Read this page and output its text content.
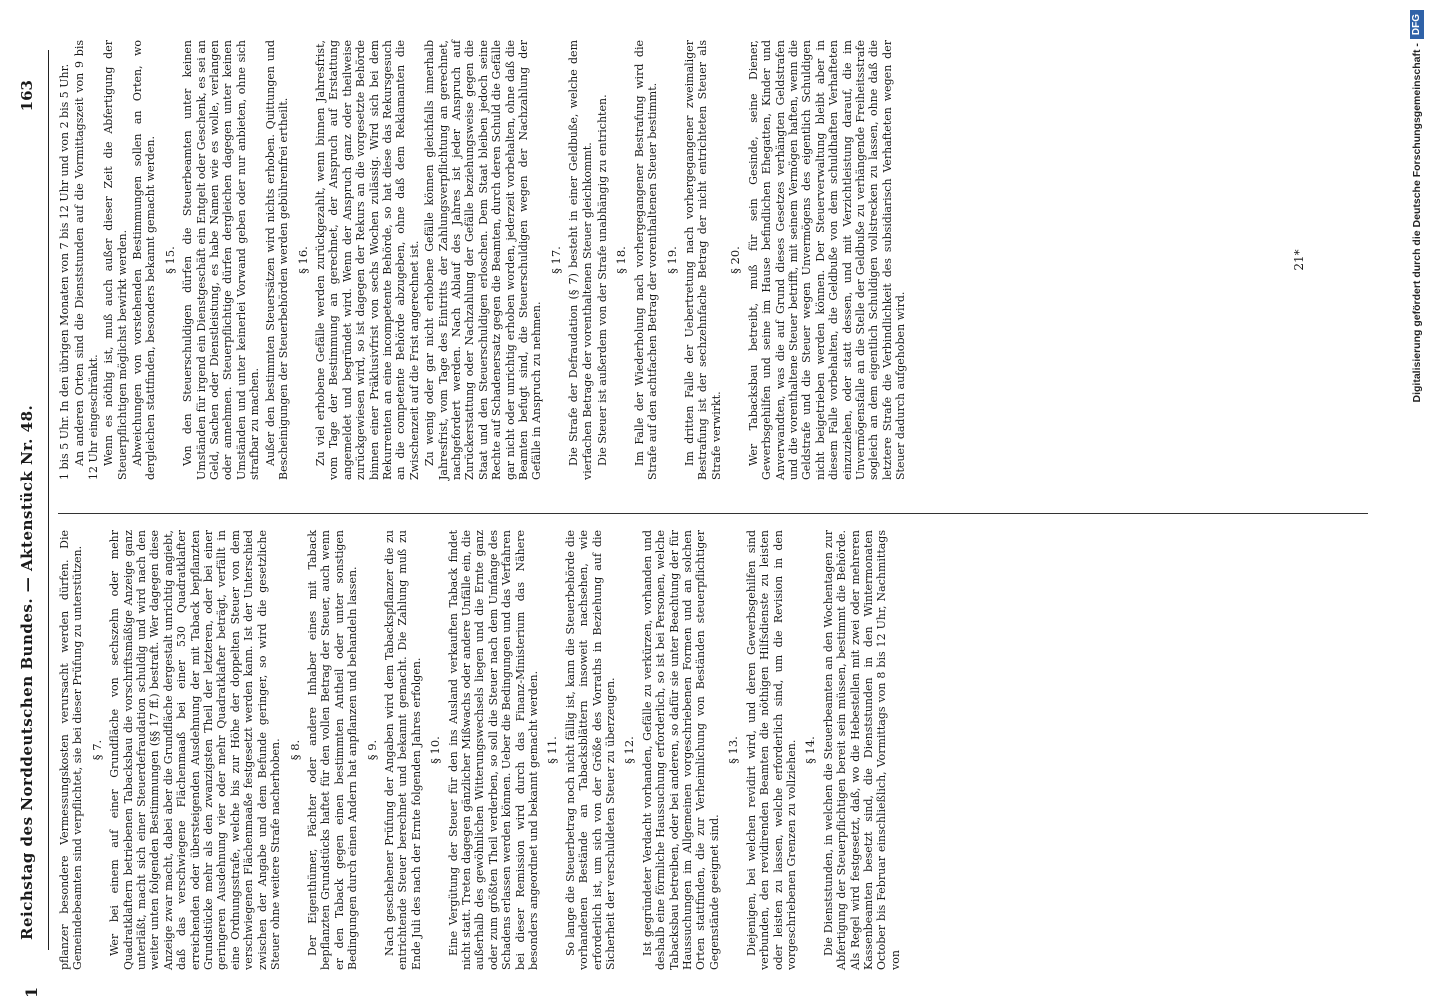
Reichstag des Norddeutschen Bundes. — Aktenstück Nr. 48.
163
1

pflanzer besondere Vermessungskosten verursacht werden dürfen. Die Gemeindebeamten sind verpflichtet, sie bei dieser Prüfung zu unterstützen. § 7. Wer bei einem auf einer Grundfläche von sechszehn oder mehr Quadratklaftern betriebenen Tabacksbau die vorschriftsmäßige Anzeige ganz unterläßt, macht sich einer Steuerdefraudation schuldig und wird nach den weiter unten folgenden Bestimmungen (§§ 17 ff.) bestraft. Wer dagegen diese Anzeige zwar macht, dabei aber die Grundfläche dergestalt unrichtig angiebt, daß das verschwiegene Flächenmaaß bei einer 530 Quadratklafter erreichenden oder übersteigenden Ausdehnung der mit Taback bepflanzten Grundstücke mehr als den zwanzigsten Theil der letzteren, oder bei einer geringeren Ausdehnung vier oder mehr Quadratklafter beträgt, verfällt in eine Ordnungsstrafe, welche bis zur Höhe der doppelten Steuer von dem verschwiegenen Flächenmaaße festgesetzt werden kann. Ist der Unterschied zwischen der Angabe und dem Befunde geringer, so wird die gesetzliche Steuer ohne weitere Strafe nacherhoben. § 8. Der Eigenthümer, Pächter oder andere Inhaber eines mit Taback bepflanzten Grundstücks haftet für den vollen Betrag der Steuer, auch wenn er den Taback gegen einen bestimmten Antheil oder unter sonstigen Bedingungen durch einen Andern hat anpflanzen und behandeln lassen. § 9. Nach geschehener Prüfung der Angaben wird dem Tabackspflanzer die zu entrichtende Steuer berechnet und bekannt gemacht. Die Zahlung muß zu Ende Juli des nach der Ernte folgenden Jahres erfolgen. § 10. Eine Vergütung der Steuer für den ins Ausland verkauften Taback findet nicht statt. Treten dagegen gänzlicher Mißwachs oder andere Unfälle ein, die außerhalb des gewöhnlichen Witterungswechsels liegen und die Ernte ganz oder zum größten Theil verderben, so soll die Steuer nach dem Umfange des Schadens erlassen werden können. Ueber die Bedingungen und das Verfahren bei dieser Remission wird durch das Finanz-Ministerium das Nähere besonders angeordnet und bekannt gemacht werden. § 11. So lange die Steuerbetrag noch nicht fällig ist, kann die Steuerbehörde die vorhandenen Bestände an Tabacksblättern insoweit nachsehen, wie erforderlich ist, um sich von der Größe des Vorraths in Beziehung auf die Sicherheit der verschuldeten Steuer zu überzeugen. § 12. Ist gegründeter Verdacht vorhanden, Gefälle zu verkürzen, vorhanden und deshalb eine förmliche Haussuchung erforderlich, so ist bei Personen, welche Tabacksbau betreiben, oder bei anderen, so dafür sie unter Beachtung der für Haussuchungen im Allgemeinen vorgeschriebenen Formen und an solchen Orten stattfinden, die zur Verheimlichung von Beständen steuerpflichtiger Gegenstände geeignet sind.

§ 13. Diejenigen, bei welchen revidirt wird, und deren Gewerbsgehilfen sind verbunden, den revidirenden Beamten die nöthigen Hilfsdienste zu leisten oder leisten zu lassen, welche erforderlich sind, um die Revision in den vorgeschriebenen Grenzen zu vollziehen. § 14. Die Dienststunden, in welchen die Steuerbeamten an den Wochentagen zur Abfertigung der Steuerpflichtigen bereit sein müssen, bestimmt die Behörde. Als Regel wird festgesetzt, daß, wo die Hebestellen mit zwei oder mehreren Kassenbeamten besetzt sind, die Dienststunden in den Wintermonaten October bis Februar einschließlich, Vormittags von 8 bis 12 Uhr, Nachmittags von

1 bis 5 Uhr. In den übrigen Monaten von 7 bis 12 Uhr und von 2 bis 5 Uhr. An anderen Orten sind die Dienststunden auf die Vormittagszeit von 9 bis 12 Uhr eingeschränkt. Wenn es nöthig ist, muß auch außer dieser Zeit die Abfertigung der Steuerpflichtigen möglichst bewirkt werden. Abweichungen von vorstehenden Bestimmungen sollen an Orten, wo dergleichen stattfinden, besonders bekannt gemacht werden. § 15. Von den Steuerschuldigen dürfen die Steuerbeamten unter keinen Umständen für irgend ein Dienstgeschäft ein Entgelt oder Geschenk, es sei an Geld, Sachen oder Dienstleistung, es habe Namen wie es wolle, verlangen oder annehmen. Steuerpflichtige dürfen dergleichen dagegen unter keinen Umständen und unter keinerlei Vorwand geben oder nur anbieten, ohne sich strafbar zu machen. Außer den bestimmten Steuersätzen wird nichts erhoben. Quittungen und Bescheinigungen der Steuerbehörden werden gebührenfrei ertheilt. § 16. Zu viel erhobene Gefälle werden zurückgezahlt, wenn binnen Jahresfrist, vom Tage der Bestimmung an gerechnet, der Anspruch auf Erstattung angemeldet und begründet wird. Wenn der Anspruch ganz oder theilweise zurückgewiesen wird, so ist dagegen der Rekurs an die vorgesetzte Behörde binnen einer Präklusivfrist von sechs Wochen zulässig. Wird sich bei dem Rekurrenten an eine incompetente Behörde, so hat diese das Rekursgesuch an die competente Behörde abzugeben, ohne daß dem Reklamanten die Zwischenzeit auf die Frist angerechnet ist. Zu wenig oder gar nicht erhobene Gefälle können gleichfalls innerhalb Jahresfrist, vom Tage des Eintritts der Zahlungsverpflichtung an gerechnet, nachgefordert werden. Nach Ablauf des Jahres ist jeder Anspruch auf Zurückerstattung oder Nachzahlung der Gefälle beziehungsweise gegen die Staat und den Steuerschuldigen erloschen. Dem Staat bleiben jedoch seine Rechte auf Schadenersatz gegen die Beamten, durch deren Schuld die Gefälle gar nicht oder unrichtig erhoben worden, jederzeit vorbehalten, ohne daß die Beamten befugt sind, die Steuerschuldigen wegen der Nachzahlung der Gefälle in Anspruch zu nehmen.

§ 17. Die Strafe der Defraudation (§ 7) besteht in einer Geldbuße, welche dem vierfachen Betrage der vorenthaltenen Steuer gleichkommt. Die Steuer ist außerdem von der Strafe unabhängig zu entrichten. § 18. Im Falle der Wiederholung nach vorhergegangener Bestrafung wird die Strafe auf den achtfachen Betrag der vorenthaltenen Steuer bestimmt. § 19. Im dritten Falle der Uebertretung nach vorhergegangener zweimaliger Bestrafung ist der sechzehnfache Betrag der nicht entrichteten Steuer als Strafe verwirkt.

§ 20. Wer Tabacksbau betreibt, muß für sein Gesinde, seine Diener, Gewerbsgehilfen und seine im Hause befindlichen Ehegatten, Kinder und Anverwandten, was die auf Grund dieses Gesetzes verhängten Geldstrafen und die vorenthaltene Steuer betrifft, mit seinem Vermögen haften, wenn die Geldstrafe und die Steuer wegen Unvermögens des eigentlich Schuldigen nicht beigetrieben werden können. Der Steuerverwaltung bleibt aber in diesem Falle vorbehalten, die Geldbuße von dem schuldhaften Verhafteten einzuziehen, oder statt dessen, und mit Verzichtleistung darauf, die im Unvermögensfalle an die Stelle der Geldbuße zu verhängende Freiheitsstrafe sogleich an dem eigentlich Schuldigen vollstrecken zu lassen, ohne daß die letztere Strafe die Verbindlichkeit des subsidiarisch Verhafteten wegen der Steuer dadurch aufgehoben wird.

21*	Digitalisierung gefördert durch die Deutsche Forschungsgemeinschaft -DFG
